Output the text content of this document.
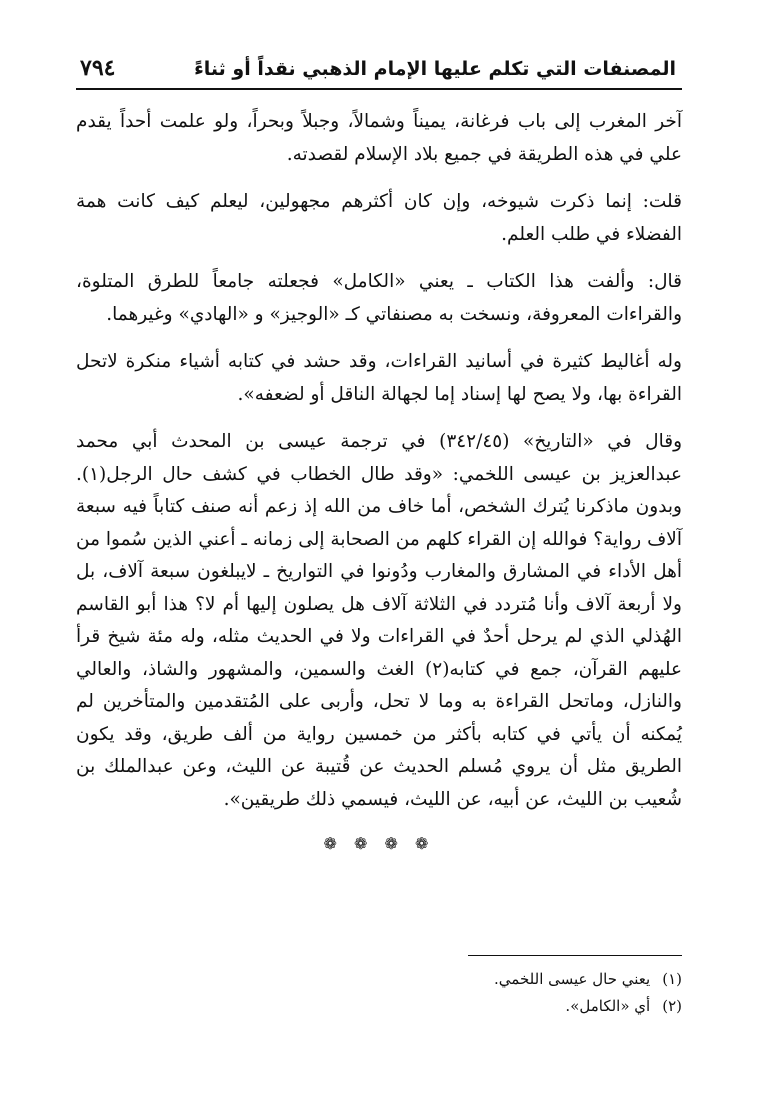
المصنفات التي تكلم عليها الإمام الذهبي نقداً أو ثناءً
٧٩٤

آخر المغرب إلى باب فرغانة، يميناً وشمالاً، وجبلاً وبحراً، ولو علمت أحداً يقدم علي في هذه الطريقة في جميع بلاد الإسلام لقصدته.

قلت: إنما ذكرت شيوخه، وإن كان أكثرهم مجهولين، ليعلم كيف كانت همة الفضلاء في طلب العلم.

قال: وألفت هذا الكتاب ـ يعني «الكامل» فجعلته جامعاً للطرق المتلوة، والقراءات المعروفة، ونسخت به مصنفاتي كـ «الوجيز» و «الهادي» وغيرهما.

وله أغاليط كثيرة في أسانيد القراءات، وقد حشد في كتابه أشياء منكرة لاتحل القراءة بها، ولا يصح لها إسناد إما لجهالة الناقل أو لضعفه».

وقال في «التاريخ» (٣٤٢/٤٥) في ترجمة عيسى بن المحدث أبي محمد عبدالعزيز بن عيسى اللخمي: «وقد طال الخطاب في كشف حال الرجل(١). وبدون ماذكرنا يُترك الشخص، أما خاف من الله إذ زعم أنه صنف كتاباً فيه سبعة آلاف رواية؟ فوالله إن القراء كلهم من الصحابة إلى زمانه ـ أعني الذين سُموا من أهل الأداء في المشارق والمغارب ودُونوا في التواريخ ـ لايبلغون سبعة آلاف، بل ولا أربعة آلاف وأنا مُتردد في الثلاثة آلاف هل يصلون إليها أم لا؟ هذا أبو القاسم الهُذلي الذي لم يرحل أحدٌ في القراءات ولا في الحديث مثله، وله مئة شيخ قرأ عليهم القرآن، جمع في كتابه(٢) الغث والسمين، والمشهور والشاذ، والعالي والنازل، وماتحل القراءة به وما لا تحل، وأربى على المُتقدمين والمتأخرين لم يُمكنه أن يأتي في كتابه بأكثر من خمسين رواية من ألف طريق، وقد يكون الطريق مثل أن يروي مُسلم الحديث عن قُتيبة عن الليث، وعن عبدالملك بن شُعيب بن الليث، عن أبيه، عن الليث، فيسمي ذلك طريقين».

❁ ❁ ❁ ❁

(١)يعني حال عيسى اللخمي.

(٢)أي «الكامل».
